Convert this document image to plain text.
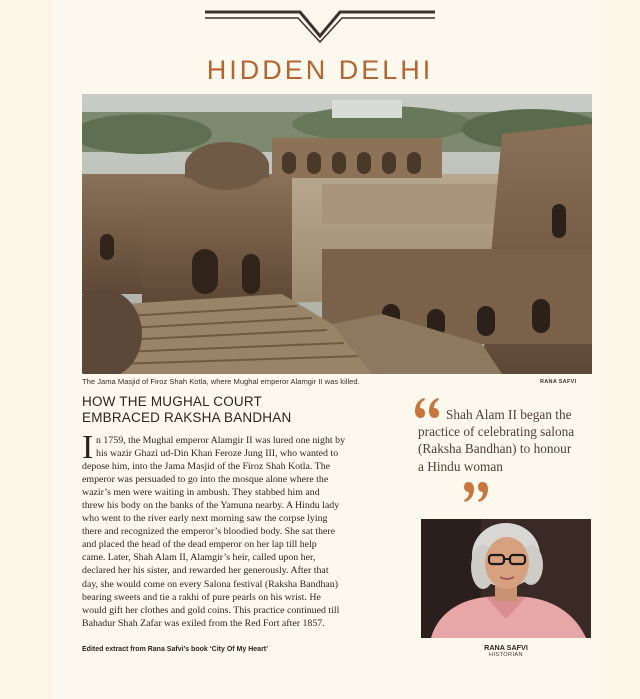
HIDDEN DELHI
The Jama Masjid of Firoz Shah Kotla, where Mughal emperor Alamgir II was killed.	RANA SAFVI
HOW THE MUGHAL COURT
EMBRACED RAKSHA BANDHAN
I n 1759, the Mughal emperor Alamgir II was lured one night by
his wazir Ghazi ud-Din Khan Feroze Jung III, who wanted to
depose him, into the Jama Masjid of the Firoz Shah Kotla. The
emperor was persuaded to go into the mosque alone where the
wazir’s men were waiting in ambush. They stabbed him and
threw his body on the banks of the Yamuna nearby. A Hindu lady
who went to the river early next morning saw the corpse lying
there and recognized the emperor’s bloodied body. She sat there
and placed the head of the dead emperor on her lap till help
came. Later, Shah Alam II, Alamgir’s heir, called upon her,
declared her his sister, and rewarded her generously. After that
day, she would come on every Salona festival (Raksha Bandhan)
bearing sweets and tie a rakhi of pure pearls on his wrist. He
would gift her clothes and gold coins. This practice continued till
Bahadur Shah Zafar was exiled from the Red Fort after 1857.
Edited extract from Rana Safvi’s book ‘City Of My Heart’
Shah Alam II began the
practice of celebrating salona
(Raksha Bandhan) to honour
a Hindu woman
RANA SAFVI
HISTORIAN
